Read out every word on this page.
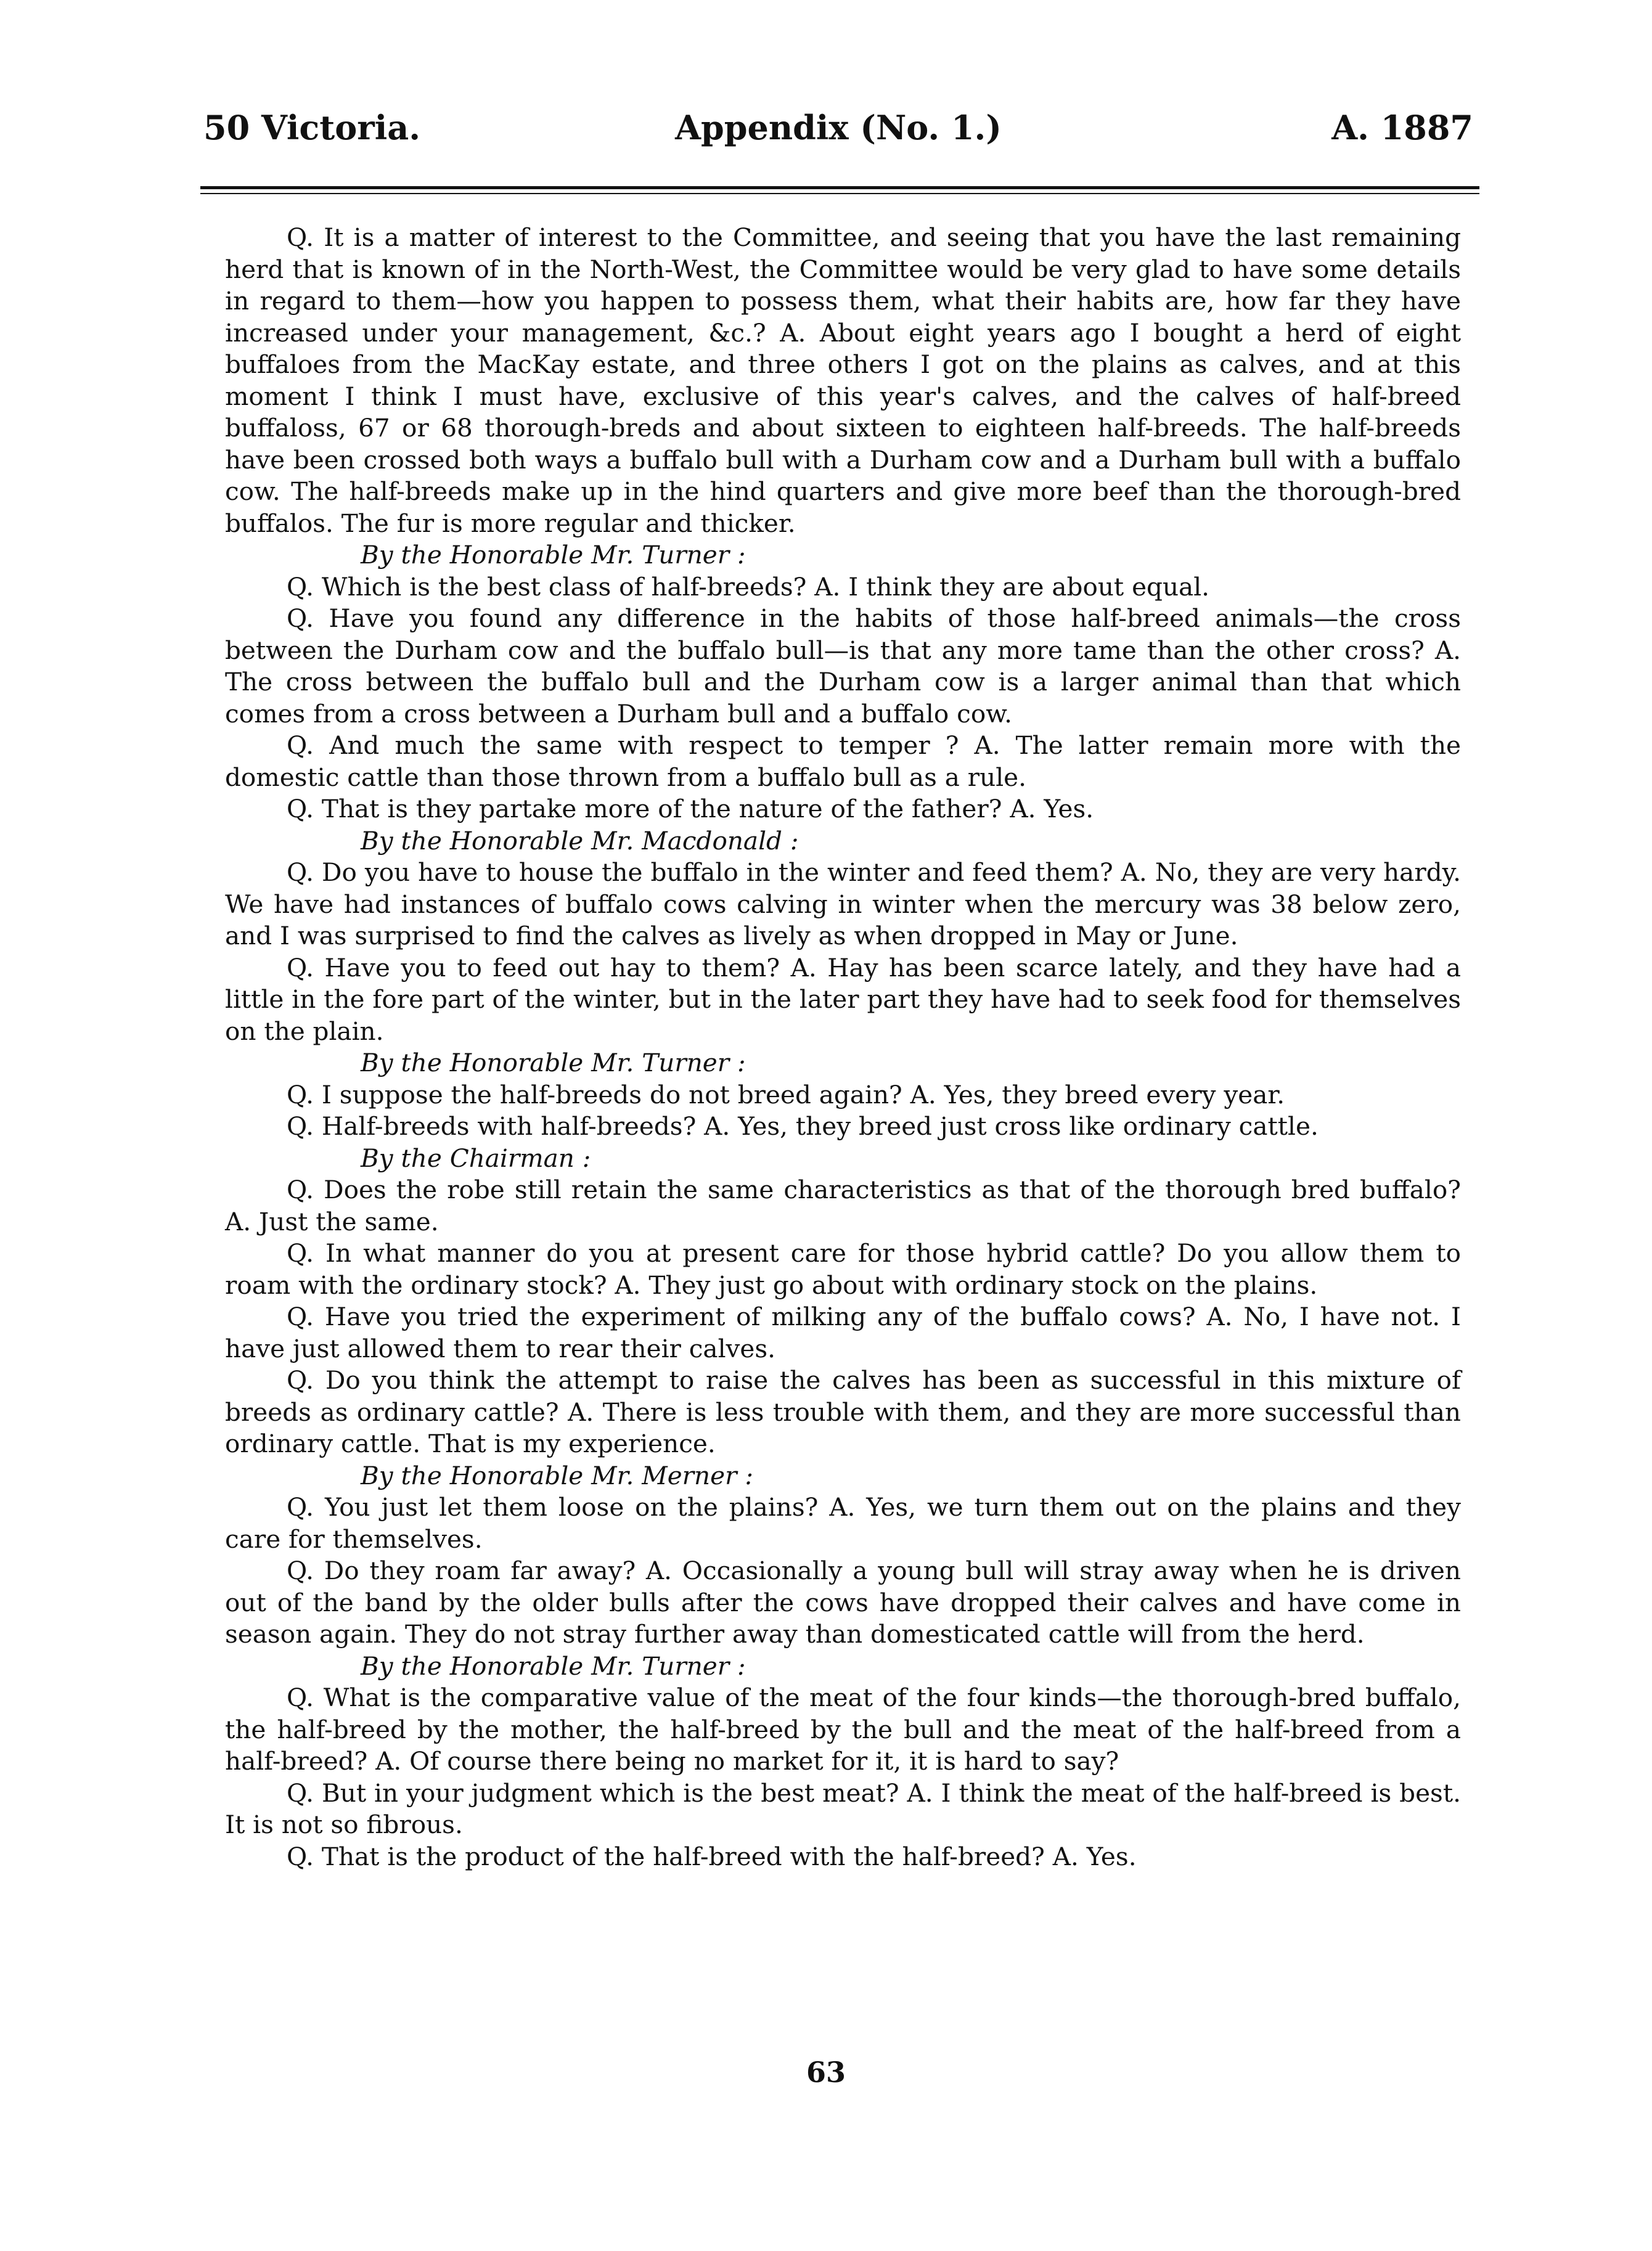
50 Victoria.	Appendix (No. 1.)	A. 1887

Q. It is a matter of interest to the Committee, and seeing that you have the last remaining herd that is known of in the North-West, the Committee would be very glad to have some details in regard to them—how you happen to possess them, what their habits are, how far they have increased under your management, &c.? A. About eight years ago I bought a herd of eight buffaloes from the MacKay estate, and three others I got on the plains as calves, and at this moment I think I must have, exclusive of this year's calves, and the calves of half-breed buffaloss, 67 or 68 thorough-breds and about sixteen to eighteen half-breeds. The half-breeds have been crossed both ways a buffalo bull with a Durham cow and a Durham bull with a buffalo cow. The half-breeds make up in the hind quarters and give more beef than the thorough-bred buffalos. The fur is more regular and thicker.

By the Honorable Mr. Turner :

Q. Which is the best class of half-breeds? A. I think they are about equal.

Q. Have you found any difference in the habits of those half-breed animals—the cross between the Durham cow and the buffalo bull—is that any more tame than the other cross? A. The cross between the buffalo bull and the Durham cow is a larger animal than that which comes from a cross between a Durham bull and a buffalo cow.

Q. And much the same with respect to temper ? A. The latter remain more with the domestic cattle than those thrown from a buffalo bull as a rule.

Q. That is they partake more of the nature of the father? A. Yes.

By the Honorable Mr. Macdonald :

Q. Do you have to house the buffalo in the winter and feed them? A. No, they are very hardy. We have had instances of buffalo cows calving in winter when the mercury was 38 below zero, and I was surprised to find the calves as lively as when dropped in May or June.

Q. Have you to feed out hay to them? A. Hay has been scarce lately, and they have had a little in the fore part of the winter, but in the later part they have had to seek food for themselves on the plain.

By the Honorable Mr. Turner :

Q. I suppose the half-breeds do not breed again? A. Yes, they breed every year.

Q. Half-breeds with half-breeds? A. Yes, they breed just cross like ordinary cattle.

By the Chairman :

Q. Does the robe still retain the same characteristics as that of the thorough bred buffalo? A. Just the same.

Q. In what manner do you at present care for those hybrid cattle? Do you allow them to roam with the ordinary stock? A. They just go about with ordinary stock on the plains.

Q. Have you tried the experiment of milking any of the buffalo cows? A. No, I have not. I have just allowed them to rear their calves.

Q. Do you think the attempt to raise the calves has been as successful in this mixture of breeds as ordinary cattle? A. There is less trouble with them, and they are more successful than ordinary cattle. That is my experience.

By the Honorable Mr. Merner :

Q. You just let them loose on the plains? A. Yes, we turn them out on the plains and they care for themselves.

Q. Do they roam far away? A. Occasionally a young bull will stray away when he is driven out of the band by the older bulls after the cows have dropped their calves and have come in season again. They do not stray further away than domesticated cattle will from the herd.

By the Honorable Mr. Turner :

Q. What is the comparative value of the meat of the four kinds—the thorough-bred buffalo, the half-breed by the mother, the half-breed by the bull and the meat of the half-breed from a half-breed? A. Of course there being no market for it, it is hard to say?

Q. But in your judgment which is the best meat? A. I think the meat of the half-breed is best. It is not so fibrous.

Q. That is the product of the half-breed with the half-breed? A. Yes.

63
